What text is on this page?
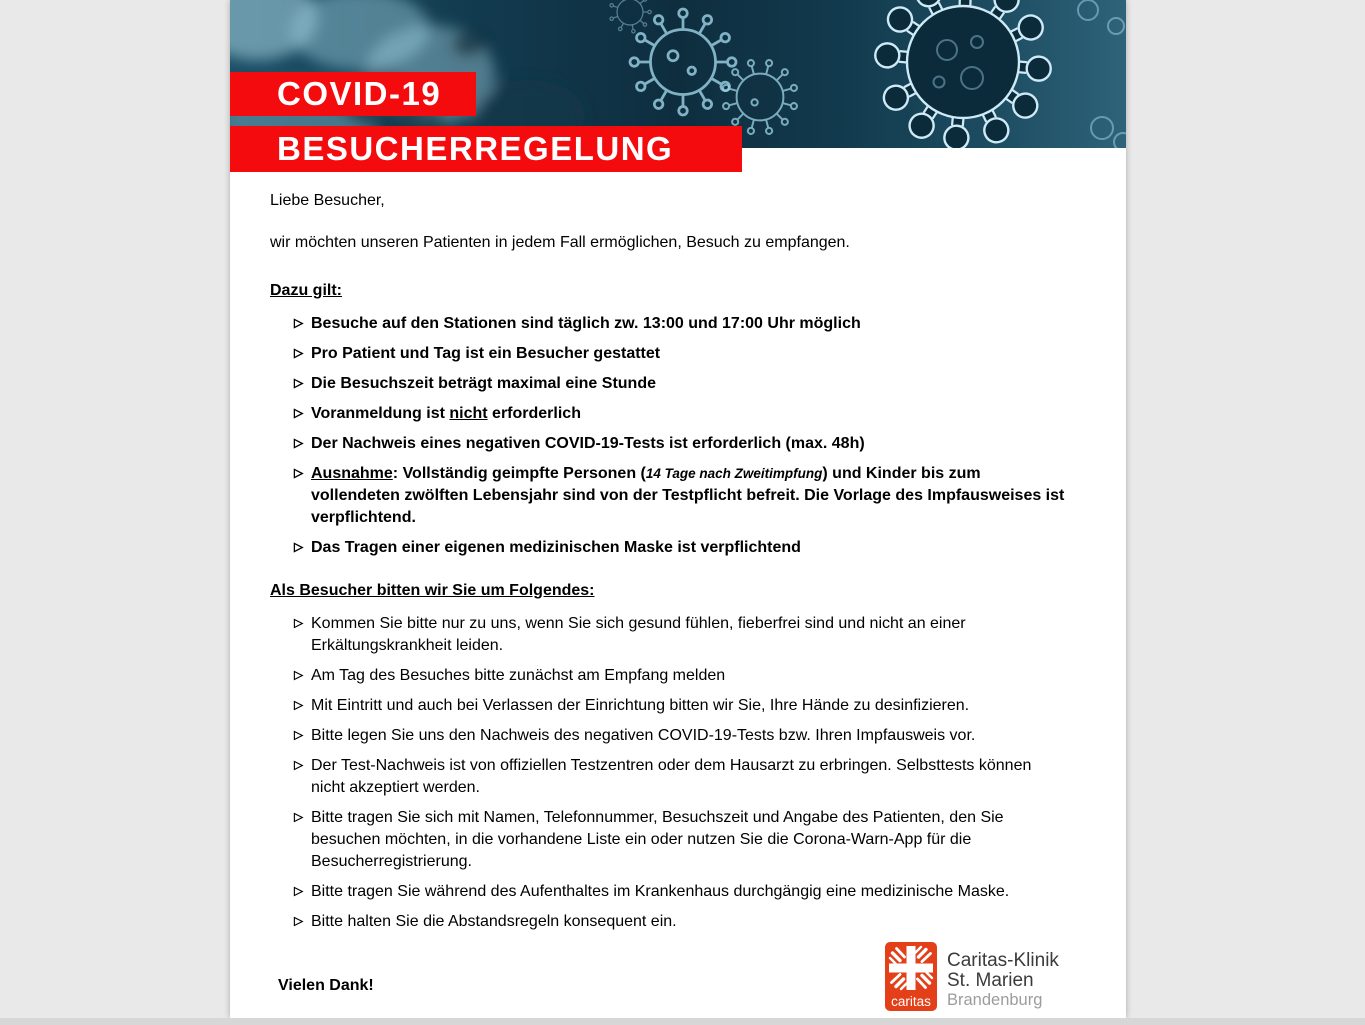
COVID-19
BESUCHERREGELUNG

Liebe Besucher,

wir möchten unseren Patienten in jedem Fall ermöglichen, Besuch zu empfangen.

Dazu gilt:

Besuche auf den Stationen sind täglich zw. 13:00 und 17:00 Uhr möglich
Pro Patient und Tag ist ein Besucher gestattet
Die Besuchszeit beträgt maximal eine Stunde
Voranmeldung ist nicht erforderlich
Der Nachweis eines negativen COVID-19-Tests ist erforderlich (max. 48h)
Ausnahme: Vollständig geimpfte Personen (14 Tage nach Zweitimpfung) und Kinder bis zum vollendeten zwölften Lebensjahr sind von der Testpflicht befreit. Die Vorlage des Impfausweises ist verpflichtend.
Das Tragen einer eigenen medizinischen Maske ist verpflichtend

Als Besucher bitten wir Sie um Folgendes:

Kommen Sie bitte nur zu uns, wenn Sie sich gesund fühlen, fieberfrei sind und nicht an einer Erkältungskrankheit leiden.
Am Tag des Besuches bitte zunächst am Empfang melden
Mit Eintritt und auch bei Verlassen der Einrichtung bitten wir Sie, Ihre Hände zu desinfizieren.
Bitte legen Sie uns den Nachweis des negativen COVID-19-Tests bzw. Ihren Impfausweis vor.
Der Test-Nachweis ist von offiziellen Testzentren oder dem Hausarzt zu erbringen. Selbsttests können nicht akzeptiert werden.
Bitte tragen Sie sich mit Namen, Telefonnummer, Besuchszeit und Angabe des Patienten, den Sie besuchen möchten, in die vorhandene Liste ein oder nutzen Sie die Corona-Warn-App für die Besucherregistrierung.
Bitte tragen Sie während des Aufenthaltes im Krankenhaus durchgängig eine medizinische Maske.
Bitte halten Sie die Abstandsregeln konsequent ein.

Vielen Dank!

caritas
Caritas-Klinik
St. Marien
Brandenburg
